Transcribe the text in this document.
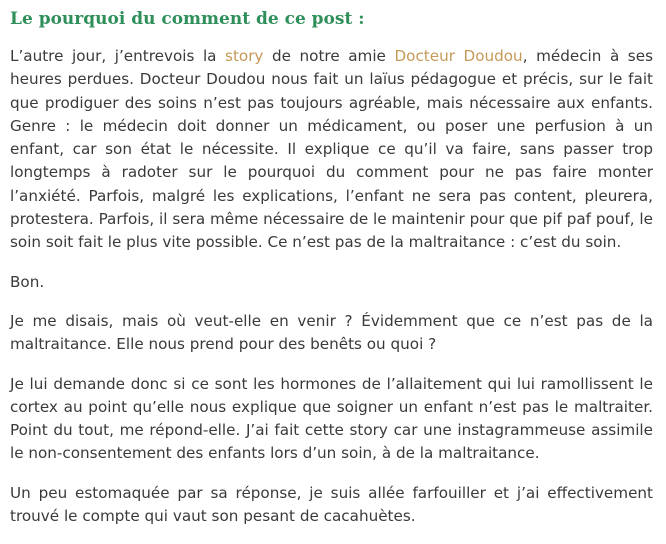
Le pourquoi du comment de ce post :

L’autre jour, j’entrevois la story de notre amie Docteur Doudou, médecin à ses heures perdues. Docteur Doudou nous fait un laïus pédagogue et précis, sur le fait que prodiguer des soins n’est pas toujours agréable, mais nécessaire aux enfants. Genre : le médecin doit donner un médicament, ou poser une perfusion à un enfant, car son état le nécessite. Il explique ce qu’il va faire, sans passer trop longtemps à radoter sur le pourquoi du comment pour ne pas faire monter l’anxiété. Parfois, malgré les explications, l’enfant ne sera pas content, pleurera, protestera. Parfois, il sera même nécessaire de le maintenir pour que pif paf pouf, le soin soit fait le plus vite possible. Ce n’est pas de la maltraitance : c’est du soin.

Bon.

Je me disais, mais où veut-elle en venir ? Évidemment que ce n’est pas de la maltraitance. Elle nous prend pour des benêts ou quoi ?

Je lui demande donc si ce sont les hormones de l’allaitement qui lui ramollissent le cortex au point qu’elle nous explique que soigner un enfant n’est pas le maltraiter. Point du tout, me répond-elle. J’ai fait cette story car une instagrammeuse assimile le non-consentement des enfants lors d’un soin, à de la maltraitance.

Un peu estomaquée par sa réponse, je suis allée farfouiller et j’ai effectivement trouvé le compte qui vaut son pesant de cacahuètes.
